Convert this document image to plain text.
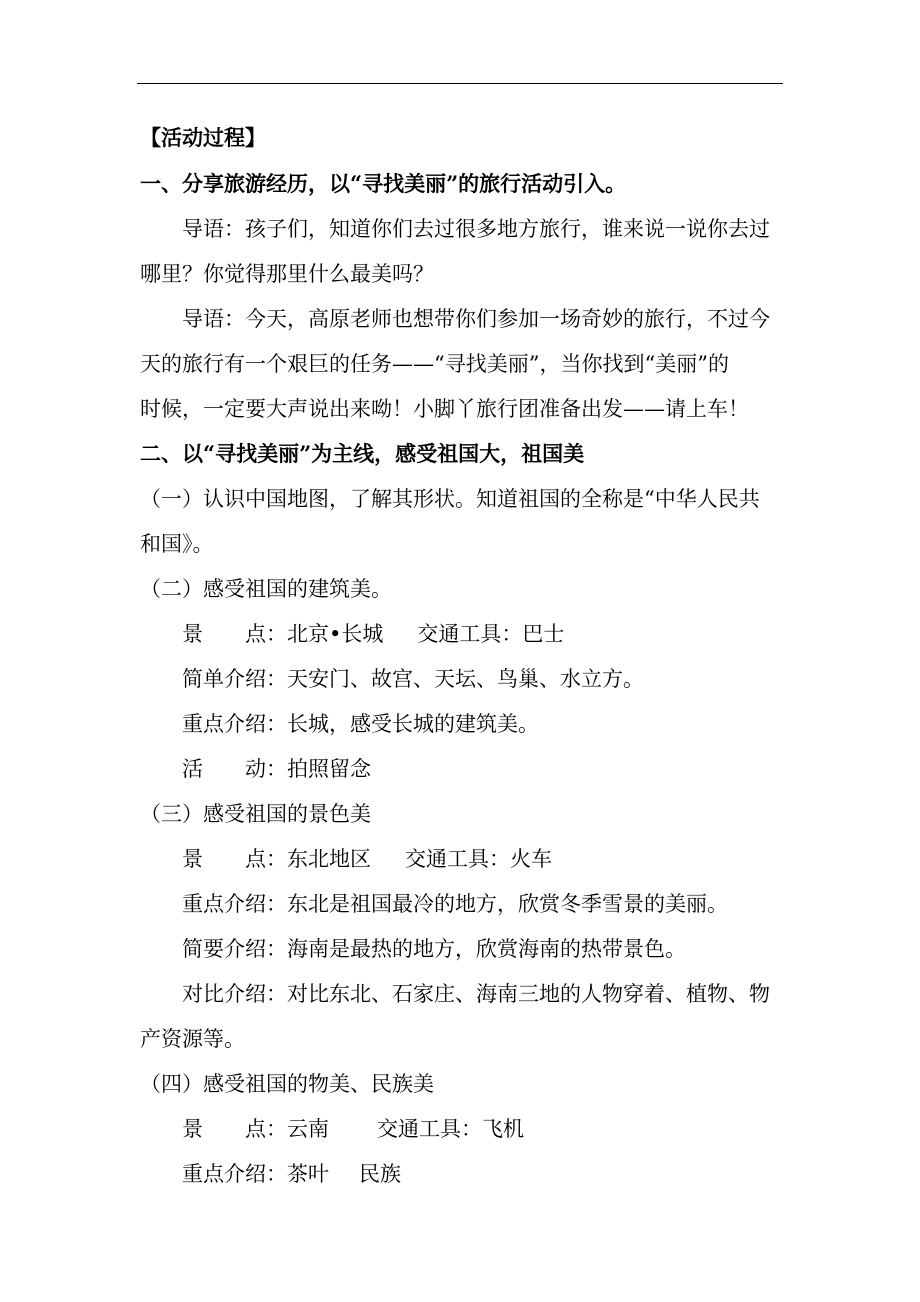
【活动过程】
一、分享旅游经历，以“寻找美丽”的旅行活动引入。
导语：孩子们，知道你们去过很多地方旅行，谁来说一说你去过
哪里？你觉得那里什么最美吗？
导语：今天，高原老师也想带你们参加一场奇妙的旅行，不过今
天的旅行有一个艰巨的任务——“寻找美丽”，当你找到“美丽”的
时候，一定要大声说出来呦！小脚丫旅行团准备出发——请上车！
二、以“寻找美丽”为主线，感受祖国大，祖国美
（一）认识中国地图，了解其形状。知道祖国的全称是“中华人民共
和国》。
（二）感受祖国的建筑美。
景　　点：北京•长城 交通工具：巴士
简单介绍：天安门、故宫、天坛、鸟巢、水立方。
重点介绍：长城，感受长城的建筑美。
活　　动：拍照留念
（三）感受祖国的景色美
景　　点：东北地区 交通工具：火车
重点介绍：东北是祖国最冷的地方，欣赏冬季雪景的美丽。
简要介绍：海南是最热的地方，欣赏海南的热带景色。
对比介绍：对比东北、石家庄、海南三地的人物穿着、植物、物
产资源等。
（四）感受祖国的物美、民族美
景　　点：云南 交通工具：飞机
重点介绍：茶叶 民族
